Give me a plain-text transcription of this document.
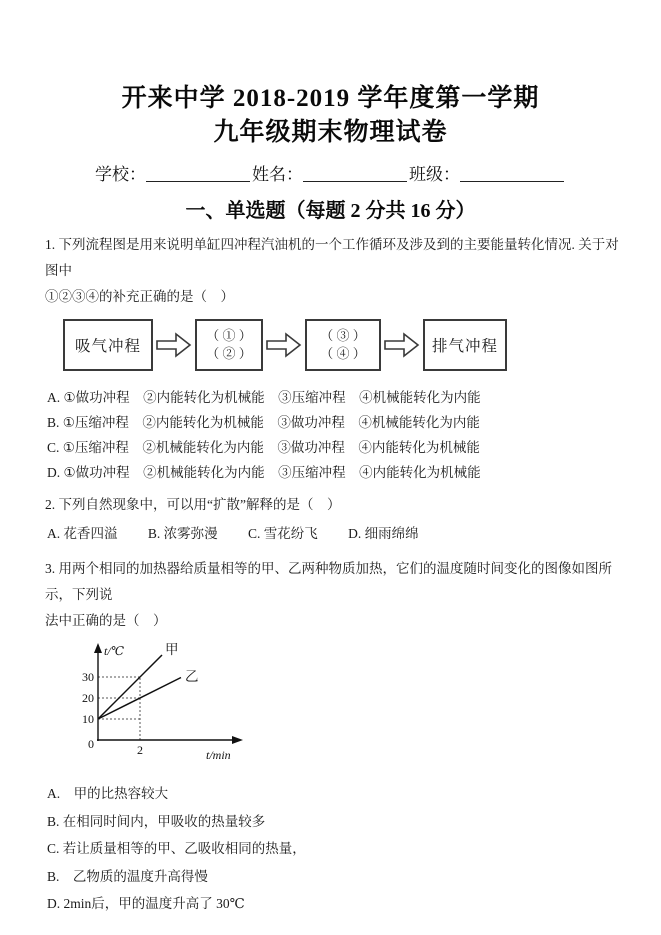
开来中学 2018-2019 学年度第一学期
九年级期末物理试卷
学校：	姓名：	班级：
一、单选题（每题 2 分共 16 分）
1. 下列流程图是用来说明单缸四冲程汽油机的一个工作循环及涉及到的主要能量转化情况. 关于对图中
①②③④的补充正确的是（　）
吸气冲程
（ ① ）
（ ② ）
（ ③ ）
（ ④ ）	排气冲程
A. ①做功冲程　②内能转化为机械能　③压缩冲程　④机械能转化为内能
B. ①压缩冲程　②内能转化为机械能　③做功冲程　④机械能转化为内能
C. ①压缩冲程　②机械能转化为内能　③做功冲程　④内能转化为机械能
D. ①做功冲程　②机械能转化为内能　③压缩冲程　④内能转化为机械能
2. 下列自然现象中，可以用“扩散”解释的是（　）
A. 花香四溢　　 B. 浓雾弥漫　　 C. 雪花纷飞　　 D. 细雨绵绵
3. 用两个相同的加热器给质量相等的甲、乙两种物质加热，它们的温度随时间变化的图像如图所示，下列说
法中正确的是（　）
t/℃
t/min
30
20
10
0	2
甲
乙
A.　甲的比热容较大
B. 在相同时间内，甲吸收的热量较多
C. 若让质量相等的甲、乙吸收相同的热量，
B.　乙物质的温度升高得慢
D. 2min后，甲的温度升高了 30℃
